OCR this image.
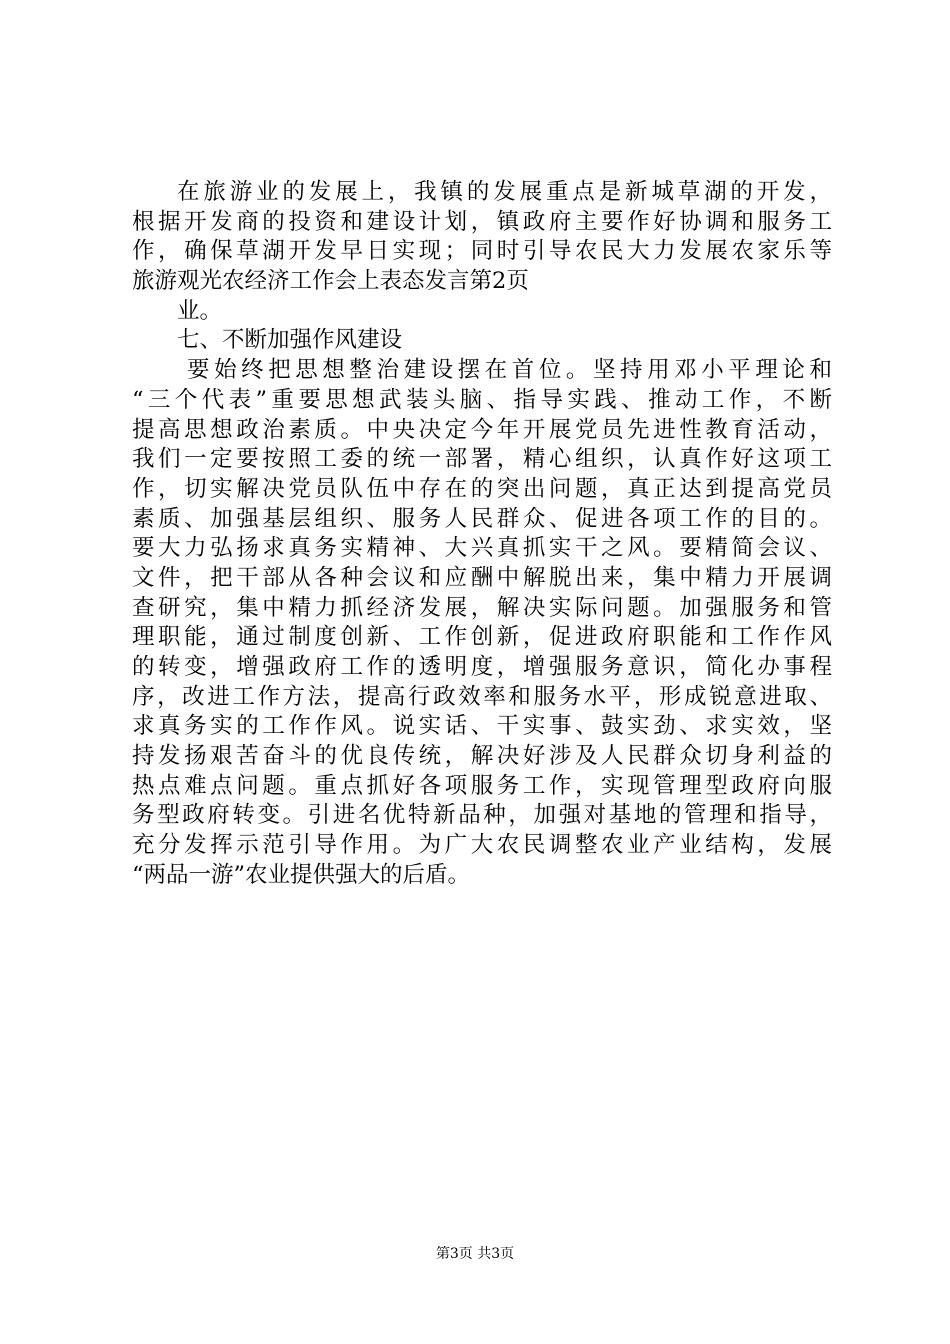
在旅游业的发展上，我镇的发展重点是新城草湖的开发，
根据开发商的投资和建设计划，镇政府主要作好协调和服务工
作，确保草湖开发早日实现；同时引导农民大力发展农家乐等
旅游观光农经济工作会上表态发言第2页
业。
七、不断加强作风建设
要始终把思想整治建设摆在首位。坚持用邓小平理论和
“三个代表”重要思想武装头脑、指导实践、推动工作，不断
提高思想政治素质。中央决定今年开展党员先进性教育活动，
我们一定要按照工委的统一部署，精心组织，认真作好这项工
作，切实解决党员队伍中存在的突出问题，真正达到提高党员
素质、加强基层组织、服务人民群众、促进各项工作的目的。
要大力弘扬求真务实精神、大兴真抓实干之风。要精简会议、
文件，把干部从各种会议和应酬中解脱出来，集中精力开展调
查研究，集中精力抓经济发展，解决实际问题。加强服务和管
理职能，通过制度创新、工作创新，促进政府职能和工作作风
的转变，增强政府工作的透明度，增强服务意识，简化办事程
序，改进工作方法，提高行政效率和服务水平，形成锐意进取、
求真务实的工作作风。说实话、干实事、鼓实劲、求实效，坚
持发扬艰苦奋斗的优良传统，解决好涉及人民群众切身利益的
热点难点问题。重点抓好各项服务工作，实现管理型政府向服
务型政府转变。引进名优特新品种，加强对基地的管理和指导，
充分发挥示范引导作用。为广大农民调整农业产业结构，发展
“两品一游”农业提供强大的后盾。
第3页 共3页
